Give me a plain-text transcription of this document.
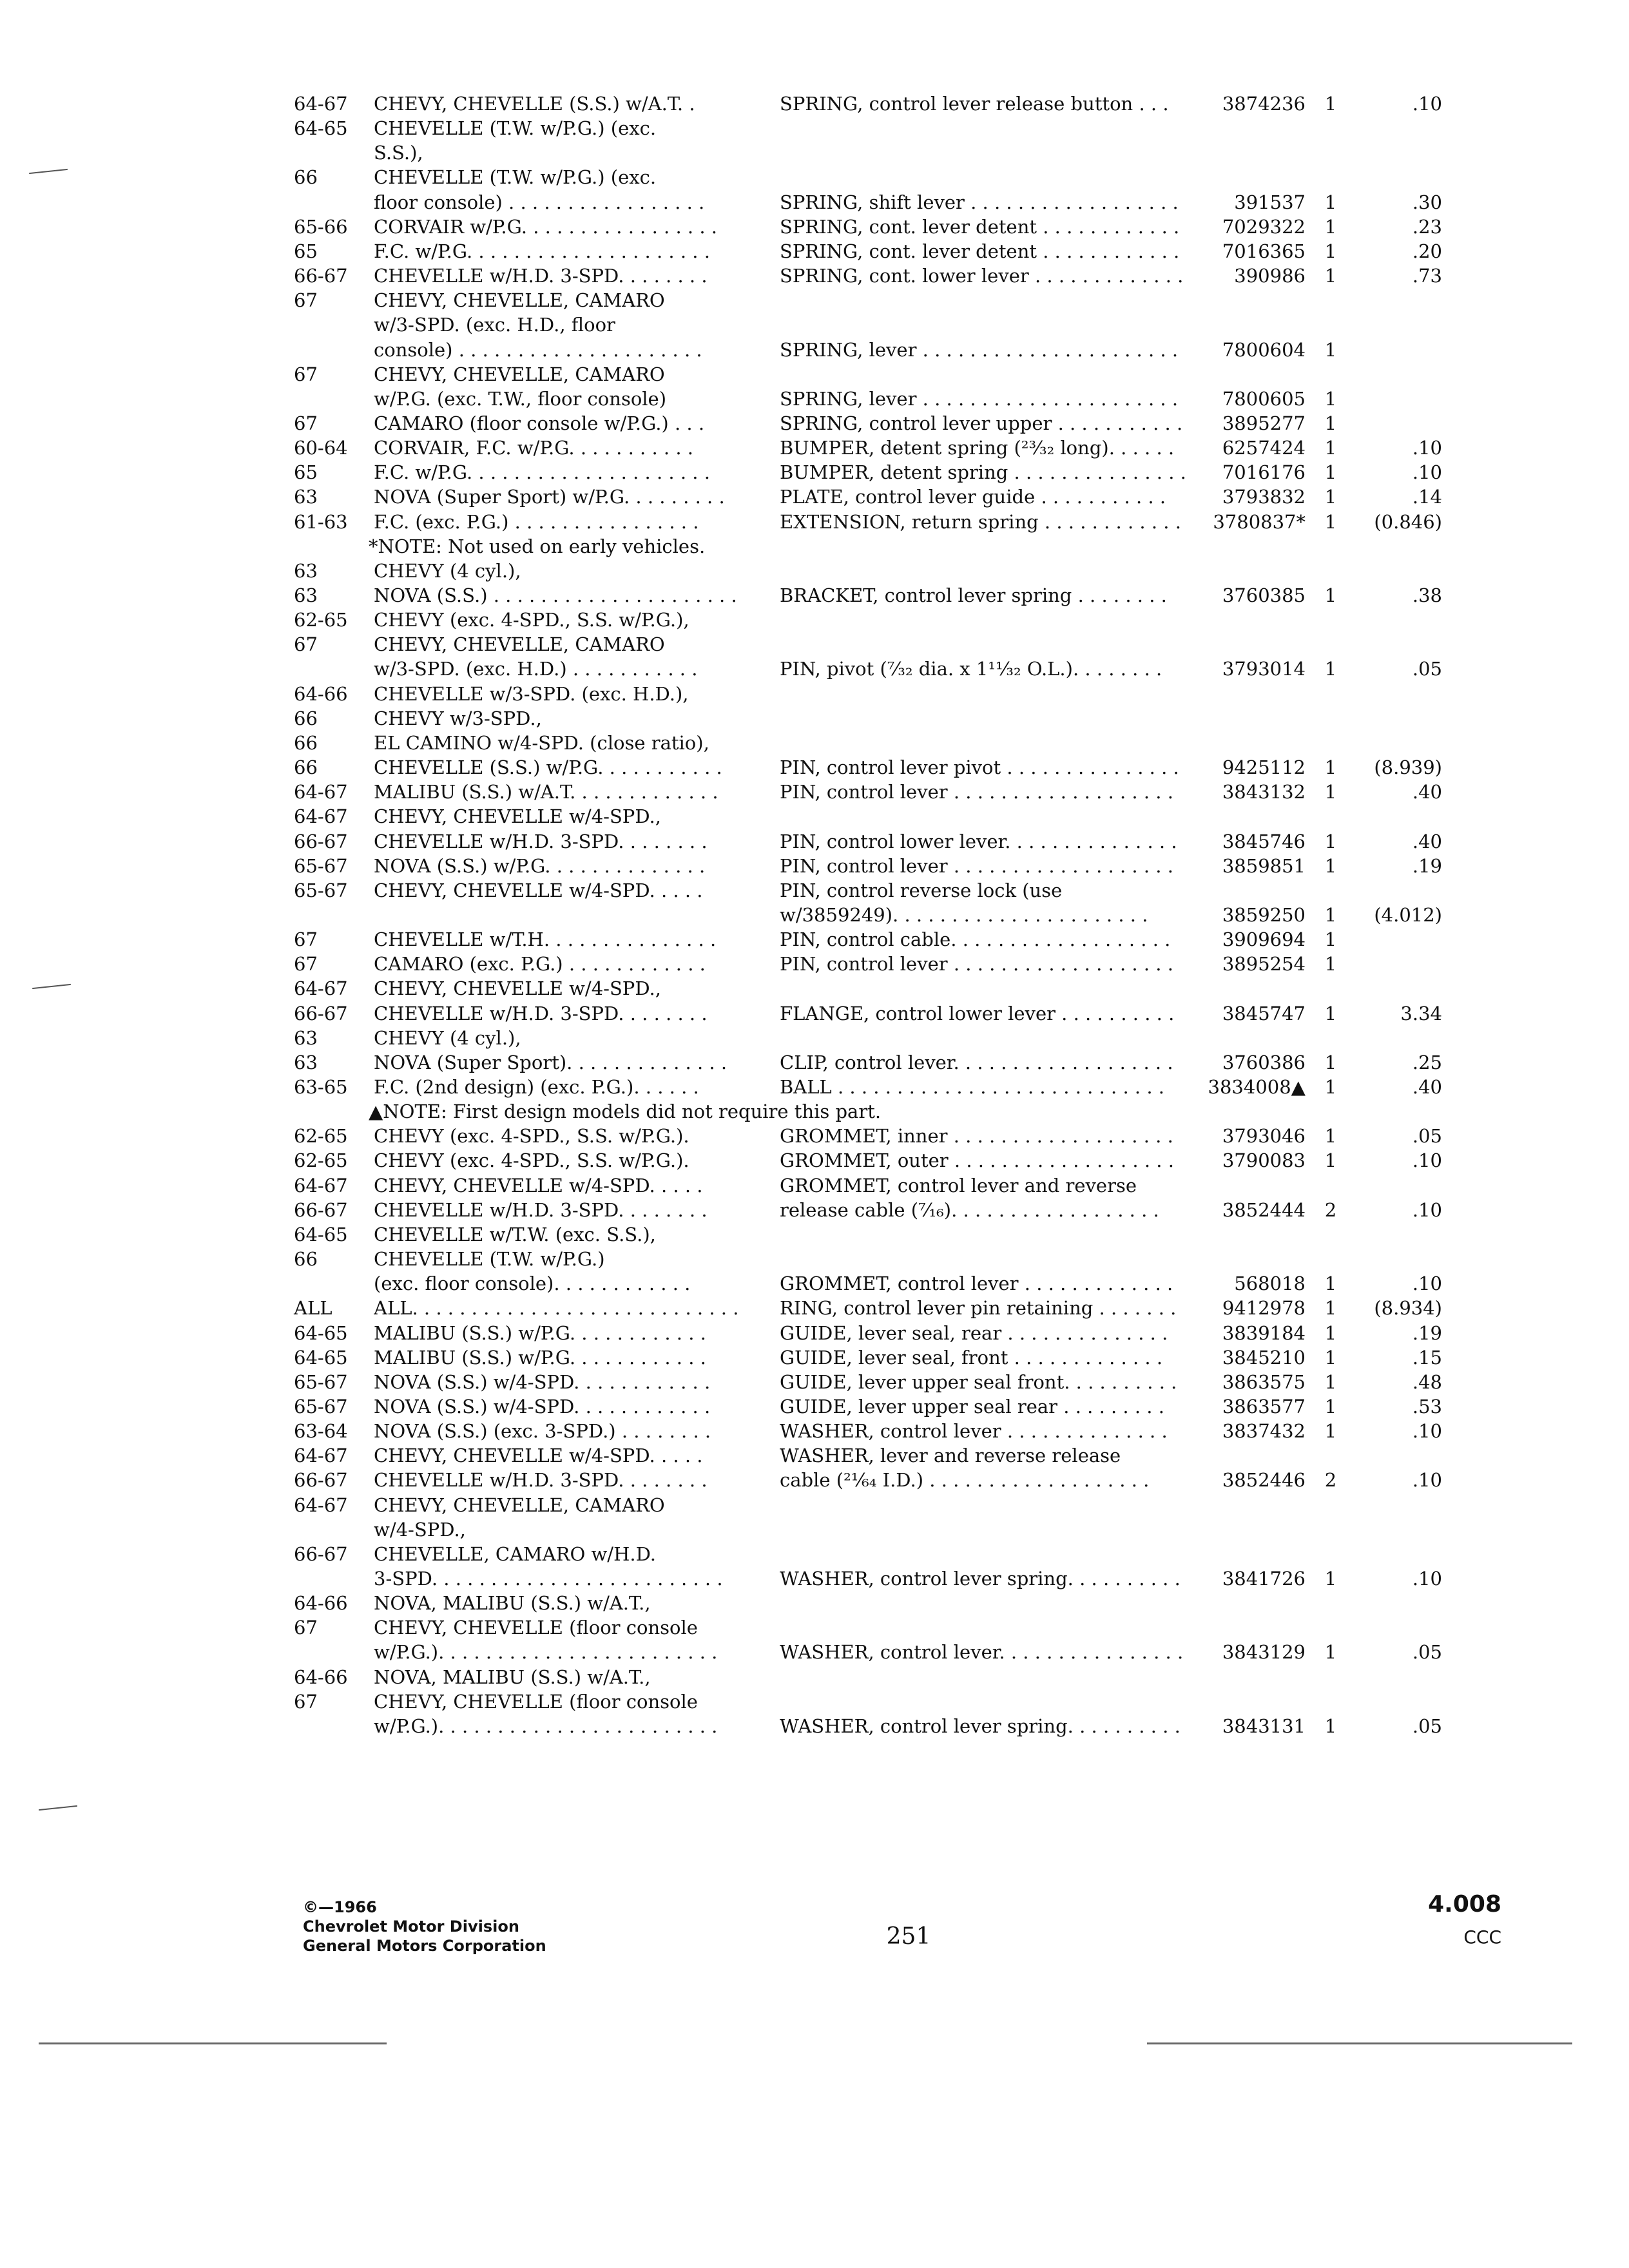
64-67	CHEVY, CHEVELLE (S.S.) w/A.T. .	SPRING, control lever release button . . .	3874236	1	.10
64-65	CHEVELLE (T.W. w/P.G.) (exc.
S.S.),
66	CHEVELLE (T.W. w/P.G.) (exc.
floor console) . . . . . . . . . . . . . . . . .	SPRING, shift lever . . . . . . . . . . . . . . . . . .	391537	1	.30
65-66	CORVAIR w/P.G. . . . . . . . . . . . . . . . .	SPRING, cont. lever detent . . . . . . . . . . . .	7029322	1	.23
65	F.C. w/P.G. . . . . . . . . . . . . . . . . . . . .	SPRING, cont. lever detent . . . . . . . . . . . .	7016365	1	.20
66-67	CHEVELLE w/H.D. 3-SPD. . . . . . . .	SPRING, cont. lower lever . . . . . . . . . . . . .	390986	1	.73
67	CHEVY, CHEVELLE, CAMARO
w/3-SPD. (exc. H.D., floor
console) . . . . . . . . . . . . . . . . . . . . .	SPRING, lever . . . . . . . . . . . . . . . . . . . . . .	7800604	1
67	CHEVY, CHEVELLE, CAMARO
w/P.G. (exc. T.W., floor console)	SPRING, lever . . . . . . . . . . . . . . . . . . . . . .	7800605	1
67	CAMARO (floor console w/P.G.) . . .	SPRING, control lever upper . . . . . . . . . . .	3895277	1
60-64	CORVAIR, F.C. w/P.G. . . . . . . . . . .	BUMPER, detent spring (²³⁄₃₂ long). . . . . .	6257424	1	.10
65	F.C. w/P.G. . . . . . . . . . . . . . . . . . . . .	BUMPER, detent spring . . . . . . . . . . . . . . .	7016176	1	.10
63	NOVA (Super Sport) w/P.G. . . . . . . . .	PLATE, control lever guide . . . . . . . . . . .	3793832	1	.14
61-63	F.C. (exc. P.G.) . . . . . . . . . . . . . . . .	EXTENSION, return spring . . . . . . . . . . . .	3780837*	1	(0.846)
*NOTE: Not used on early vehicles.
63	CHEVY (4 cyl.),
63	NOVA (S.S.) . . . . . . . . . . . . . . . . . . . . .	BRACKET, control lever spring . . . . . . . .	3760385	1	.38
62-65	CHEVY (exc. 4-SPD., S.S. w/P.G.),
67	CHEVY, CHEVELLE, CAMARO
w/3-SPD. (exc. H.D.) . . . . . . . . . . .	PIN, pivot (⁷⁄₃₂ dia. x 1¹¹⁄₃₂ O.L.). . . . . . . .	3793014	1	.05
64-66	CHEVELLE w/3-SPD. (exc. H.D.),
66	CHEVY w/3-SPD.,
66	EL CAMINO w/4-SPD. (close ratio),
66	CHEVELLE (S.S.) w/P.G. . . . . . . . . . .	PIN, control lever pivot . . . . . . . . . . . . . . .	9425112	1	(8.939)
64-67	MALIBU (S.S.) w/A.T. . . . . . . . . . . . .	PIN, control lever . . . . . . . . . . . . . . . . . . .	3843132	1	.40
64-67	CHEVY, CHEVELLE w/4-SPD.,
66-67	CHEVELLE w/H.D. 3-SPD. . . . . . . .	PIN, control lower lever. . . . . . . . . . . . . . .	3845746	1	.40
65-67	NOVA (S.S.) w/P.G. . . . . . . . . . . . . .	PIN, control lever . . . . . . . . . . . . . . . . . . .	3859851	1	.19
65-67	CHEVY, CHEVELLE w/4-SPD. . . . .	PIN, control reverse lock (use
w/3859249). . . . . . . . . . . . . . . . . . . . . .	3859250	1	(4.012)
67	CHEVELLE w/T.H. . . . . . . . . . . . . . .	PIN, control cable. . . . . . . . . . . . . . . . . . .	3909694	1
67	CAMARO (exc. P.G.) . . . . . . . . . . . .	PIN, control lever . . . . . . . . . . . . . . . . . . .	3895254	1
64-67	CHEVY, CHEVELLE w/4-SPD.,
66-67	CHEVELLE w/H.D. 3-SPD. . . . . . . .	FLANGE, control lower lever . . . . . . . . . .	3845747	1	3.34
63	CHEVY (4 cyl.),
63	NOVA (Super Sport). . . . . . . . . . . . . .	CLIP, control lever. . . . . . . . . . . . . . . . . . .	3760386	1	.25
63-65	F.C. (2nd design) (exc. P.G.). . . . . .	BALL . . . . . . . . . . . . . . . . . . . . . . . . . . . .	3834008▲	1	.40
▲NOTE: First design models did not require this part.
62-65	CHEVY (exc. 4-SPD., S.S. w/P.G.).	GROMMET, inner . . . . . . . . . . . . . . . . . . .	3793046	1	.05
62-65	CHEVY (exc. 4-SPD., S.S. w/P.G.).	GROMMET, outer . . . . . . . . . . . . . . . . . . .	3790083	1	.10
64-67	CHEVY, CHEVELLE w/4-SPD. . . . .	GROMMET, control lever and reverse
66-67	CHEVELLE w/H.D. 3-SPD. . . . . . . .	release cable (⁷⁄₁₆). . . . . . . . . . . . . . . . . .	3852444	2	.10
64-65	CHEVELLE w/T.W. (exc. S.S.),
66	CHEVELLE (T.W. w/P.G.)
(exc. floor console). . . . . . . . . . . .	GROMMET, control lever . . . . . . . . . . . . .	568018	1	.10
ALL	ALL. . . . . . . . . . . . . . . . . . . . . . . . . . . .	RING, control lever pin retaining . . . . . . .	9412978	1	(8.934)
64-65	MALIBU (S.S.) w/P.G. . . . . . . . . . . .	GUIDE, lever seal, rear . . . . . . . . . . . . . .	3839184	1	.19
64-65	MALIBU (S.S.) w/P.G. . . . . . . . . . . .	GUIDE, lever seal, front . . . . . . . . . . . . .	3845210	1	.15
65-67	NOVA (S.S.) w/4-SPD. . . . . . . . . . . .	GUIDE, lever upper seal front. . . . . . . . . .	3863575	1	.48
65-67	NOVA (S.S.) w/4-SPD. . . . . . . . . . . .	GUIDE, lever upper seal rear . . . . . . . . .	3863577	1	.53
63-64	NOVA (S.S.) (exc. 3-SPD.) . . . . . . . .	WASHER, control lever . . . . . . . . . . . . . .	3837432	1	.10
64-67	CHEVY, CHEVELLE w/4-SPD. . . . .	WASHER, lever and reverse release
66-67	CHEVELLE w/H.D. 3-SPD. . . . . . . .	cable (²¹⁄₆₄ I.D.) . . . . . . . . . . . . . . . . . . .	3852446	2	.10
64-67	CHEVY, CHEVELLE, CAMARO
w/4-SPD.,
66-67	CHEVELLE, CAMARO w/H.D.
3-SPD. . . . . . . . . . . . . . . . . . . . . . . . .	WASHER, control lever spring. . . . . . . . . .	3841726	1	.10
64-66	NOVA, MALIBU (S.S.) w/A.T.,
67	CHEVY, CHEVELLE (floor console
w/P.G.). . . . . . . . . . . . . . . . . . . . . . . .	WASHER, control lever. . . . . . . . . . . . . . . .	3843129	1	.05
64-66	NOVA, MALIBU (S.S.) w/A.T.,
67	CHEVY, CHEVELLE (floor console
w/P.G.). . . . . . . . . . . . . . . . . . . . . . . .	WASHER, control lever spring. . . . . . . . . .	3843131	1	.05
©—1966
Chevrolet Motor Division
General Motors Corporation	251
4.008
CCC
